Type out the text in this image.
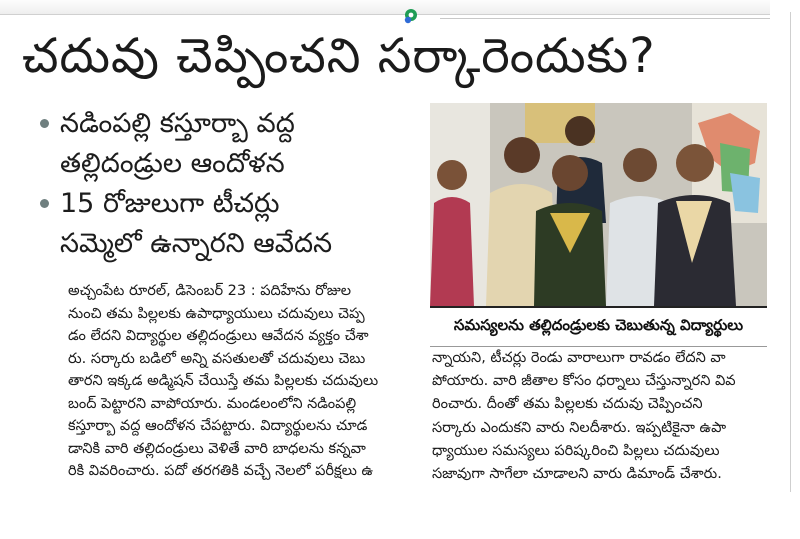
చదువు చెప్పించని సర్కారెందుకు?
నడింపల్లి కస్తూర్బా వద్ద
తల్లిదండ్రుల ఆందోళన
15 రోజులుగా టీచర్లు
సమ్మెలో ఉన్నారని ఆవేదన
అచ్చంపేట రూరల్, డిసెంబర్ 23 : పదిహేను రోజుల
నుంచి తమ పిల్లలకు ఉపాధ్యాయులు చదువులు చెప్ప
డం లేదని విద్యార్థుల తల్లిదండ్రులు ఆవేదన వ్యక్తం చేశా
రు. సర్కారు బడిలో అన్ని వసతులతో చదువులు చెబు
తారని ఇక్కడ అడ్మిషన్ చేయిస్తే తమ పిల్లలకు చదువులు
బంద్ పెట్టారని వాపోయారు. మండలంలోని నడింపల్లి
కస్తూర్బా వద్ద ఆందోళన చేపట్టారు. విద్యార్థులను చూడ
డానికి వారి తల్లిదండ్రులు వెళితే వారి బాధలను కన్నవా
రికి వివరించారు. పదో తరగతికి వచ్చే నెలలో పరీక్షలు ఉ
సమస్యలను తల్లిదండ్రులకు చెబుతున్న విద్యార్థులు
న్నాయని, టీచర్లు రెండు వారాలుగా రావడం లేదని వా
పోయారు. వారి జీతాల కోసం ధర్నాలు చేస్తున్నారని వివ
రించారు. దీంతో తమ పిల్లలకు చదువు చెప్పించని
సర్కారు ఎందుకని వారు నిలదీశారు. ఇప్పటికైనా ఉపా
ధ్యాయుల సమస్యలు పరిష్కరించి పిల్లలు చదువులు
సజావుగా సాగేలా చూడాలని వారు డిమాండ్ చేశారు.
